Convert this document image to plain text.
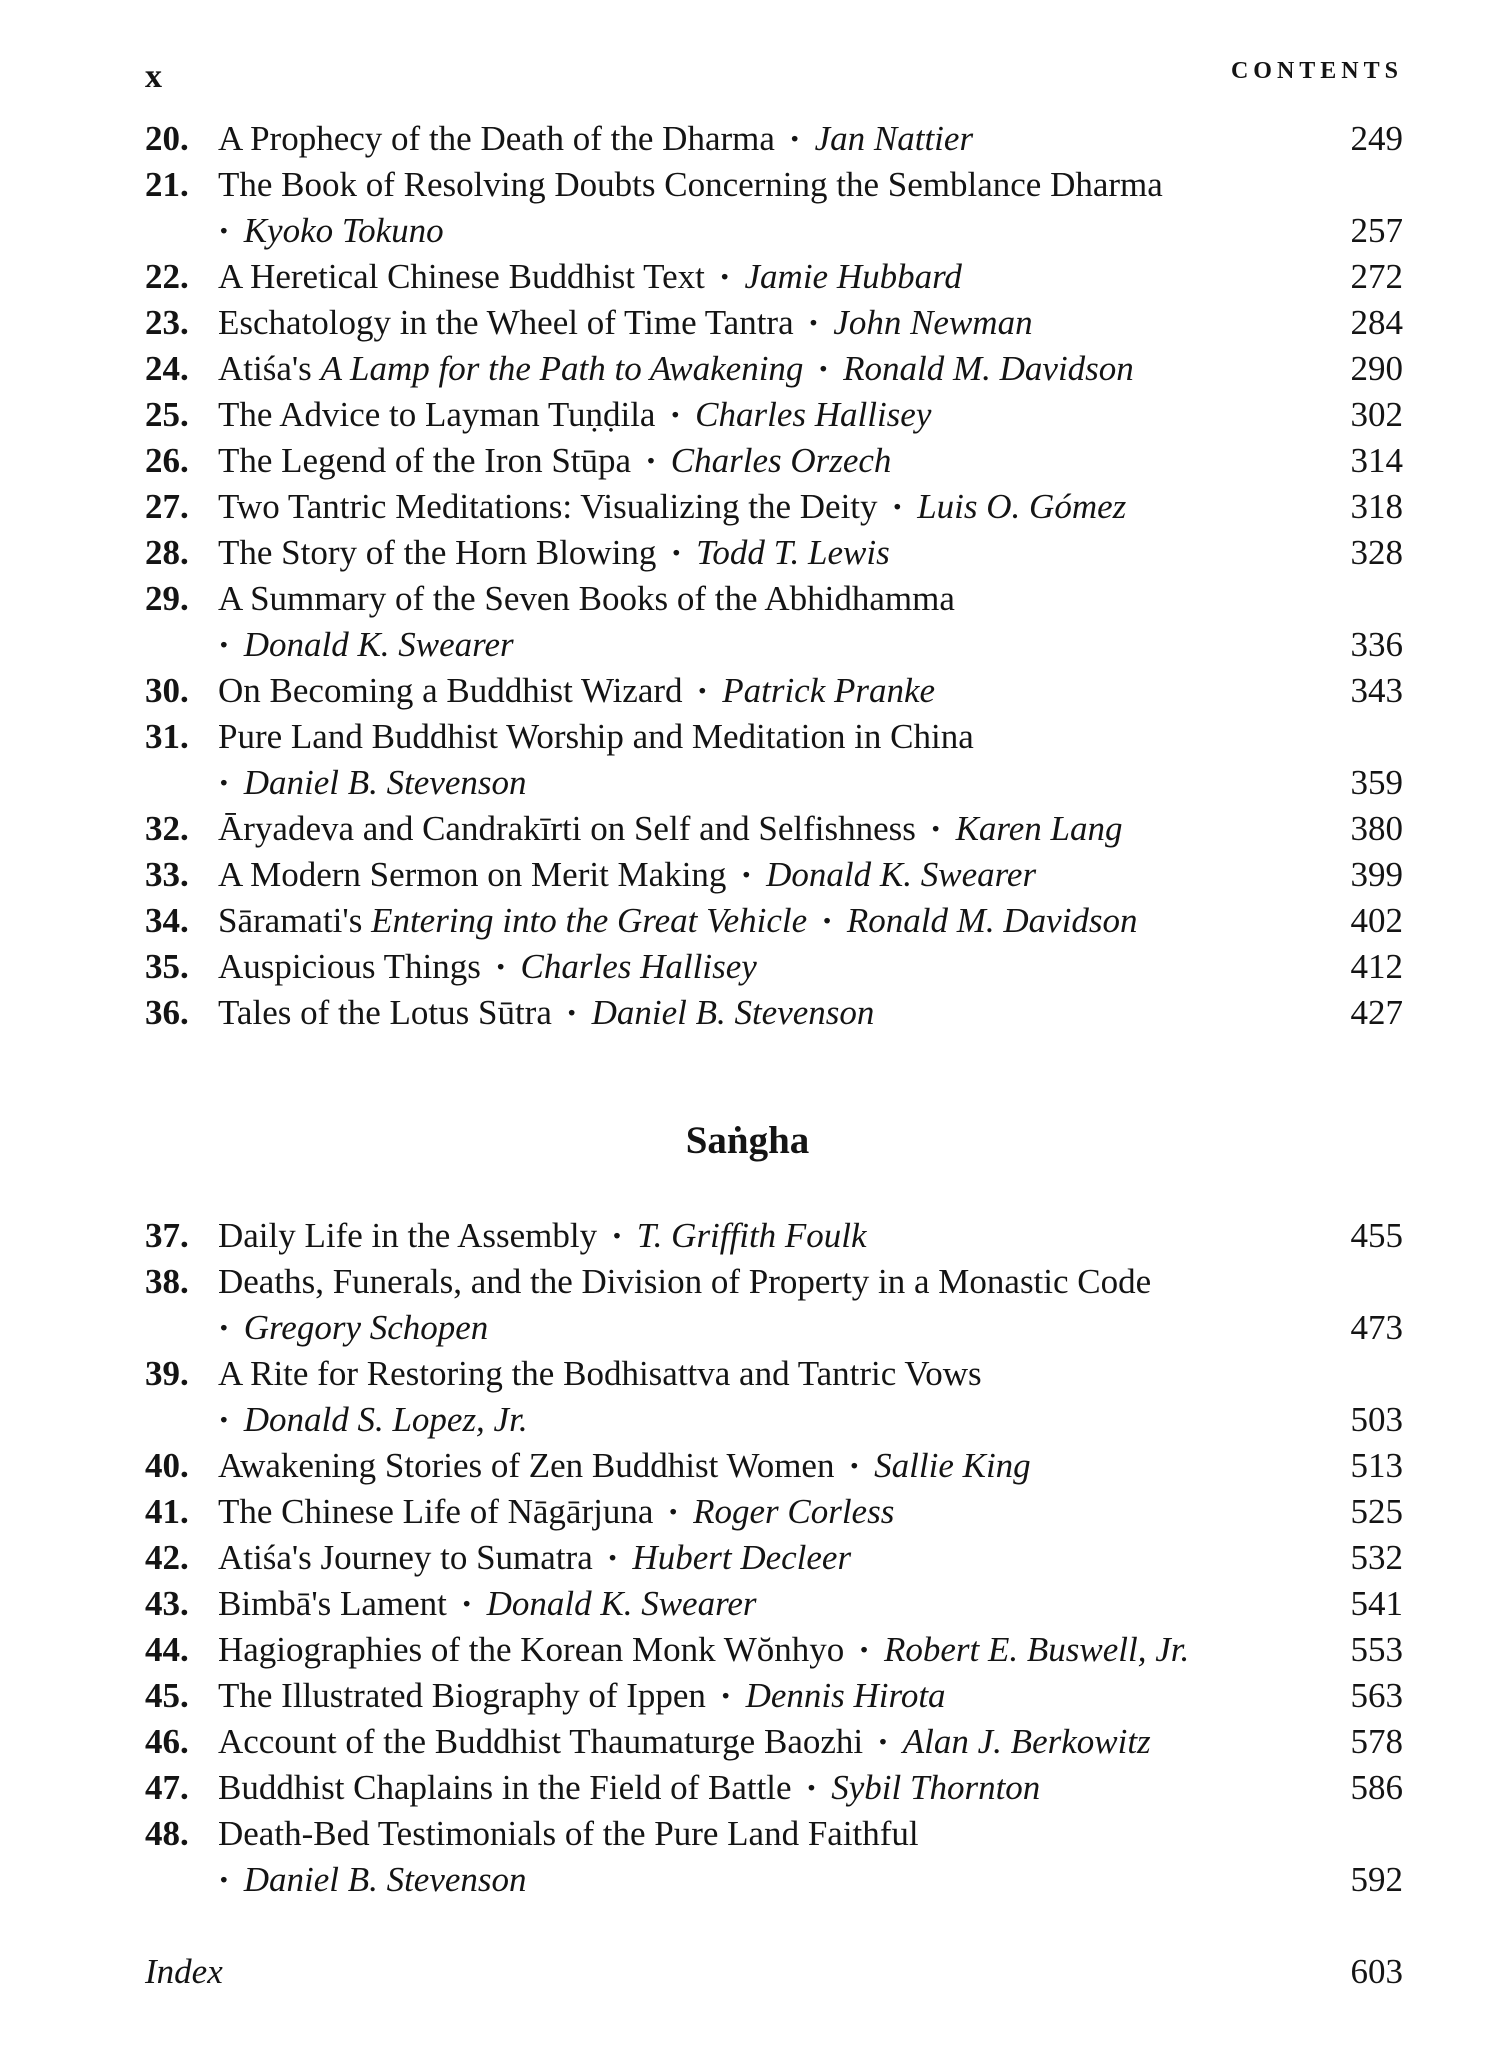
x	CONTENTS
20. A Prophecy of the Death of the Dharma · Jan Nattier	249
21. The Book of Resolving Doubts Concerning the Semblance Dharma
· Kyoko Tokuno	257
22. A Heretical Chinese Buddhist Text · Jamie Hubbard	272
23. Eschatology in the Wheel of Time Tantra · John Newman	284
24. Atiśa's A Lamp for the Path to Awakening · Ronald M. Davidson	290
25. The Advice to Layman Tuṇḍila · Charles Hallisey	302
26. The Legend of the Iron Stūpa · Charles Orzech	314
27. Two Tantric Meditations: Visualizing the Deity · Luis O. Gómez	318
28. The Story of the Horn Blowing · Todd T. Lewis	328
29. A Summary of the Seven Books of the Abhidhamma
· Donald K. Swearer	336
30. On Becoming a Buddhist Wizard · Patrick Pranke	343
31. Pure Land Buddhist Worship and Meditation in China
· Daniel B. Stevenson	359
32. Āryadeva and Candrakīrti on Self and Selfishness · Karen Lang	380
33. A Modern Sermon on Merit Making · Donald K. Swearer	399
34. Sāramati's Entering into the Great Vehicle · Ronald M. Davidson	402
35. Auspicious Things · Charles Hallisey	412
36. Tales of the Lotus Sūtra · Daniel B. Stevenson	427
Saṅgha
37. Daily Life in the Assembly · T. Griffith Foulk	455
38. Deaths, Funerals, and the Division of Property in a Monastic Code
· Gregory Schopen	473
39. A Rite for Restoring the Bodhisattva and Tantric Vows
· Donald S. Lopez, Jr.	503
40. Awakening Stories of Zen Buddhist Women · Sallie King	513
41. The Chinese Life of Nāgārjuna · Roger Corless	525
42. Atiśa's Journey to Sumatra · Hubert Decleer	532
43. Bimbā's Lament · Donald K. Swearer	541
44. Hagiographies of the Korean Monk Wŏnhyo · Robert E. Buswell, Jr.	553
45. The Illustrated Biography of Ippen · Dennis Hirota	563
46. Account of the Buddhist Thaumaturge Baozhi · Alan J. Berkowitz	578
47. Buddhist Chaplains in the Field of Battle · Sybil Thornton	586
48. Death-Bed Testimonials of the Pure Land Faithful
· Daniel B. Stevenson	592
Index	603
